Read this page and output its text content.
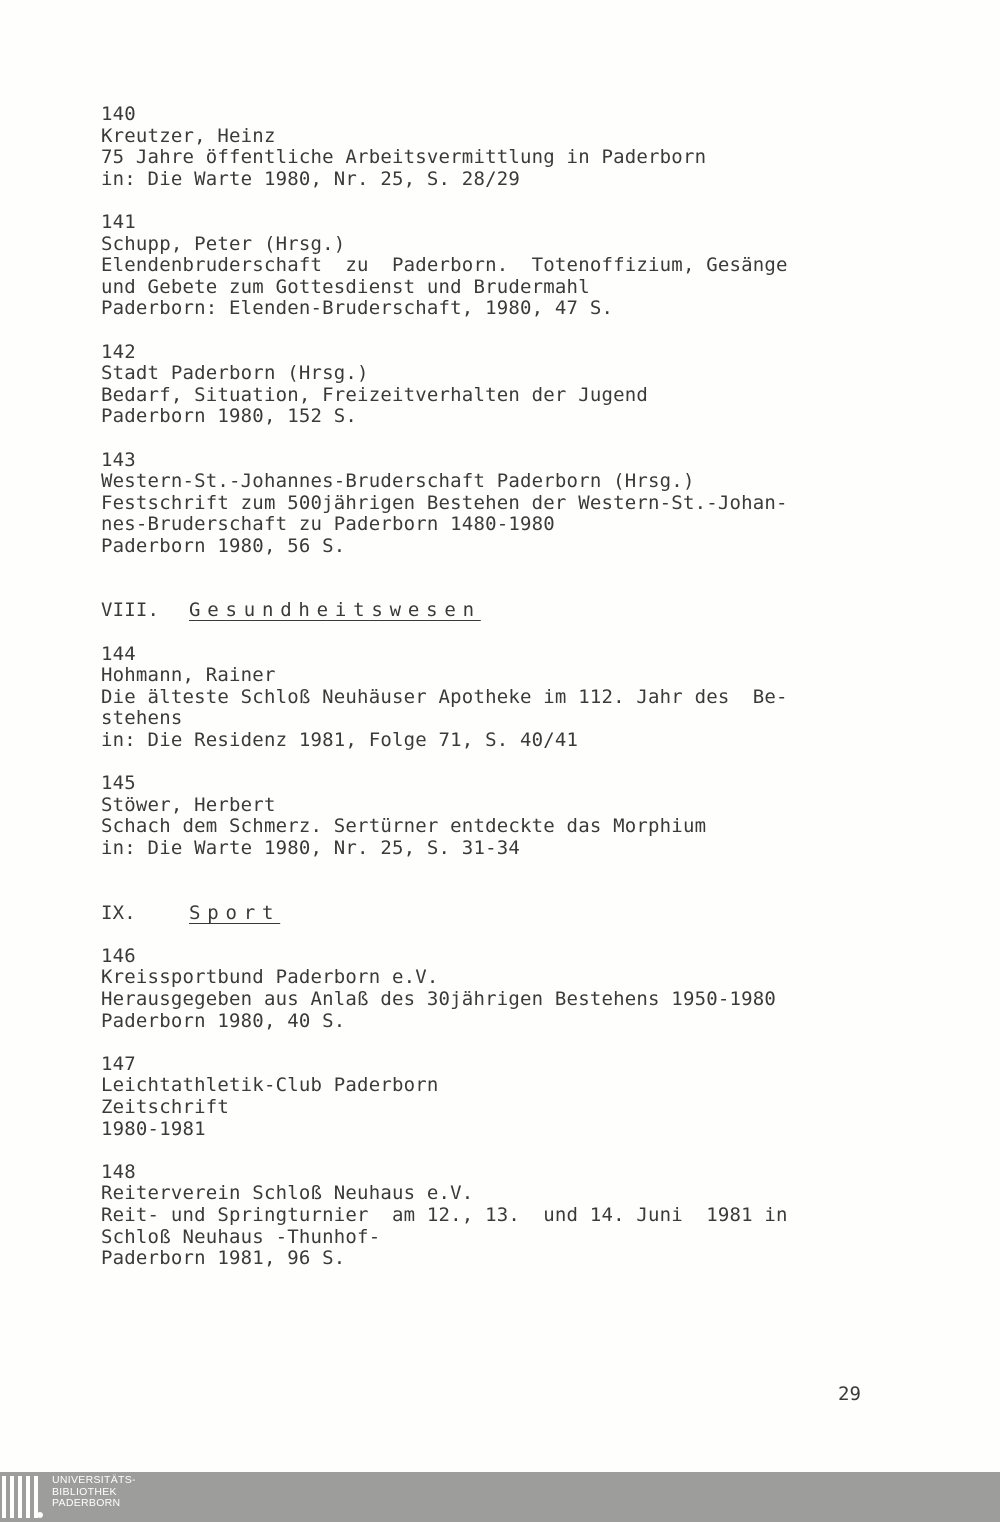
140
Kreutzer, Heinz
75 Jahre öffentliche Arbeitsvermittlung in Paderborn
in: Die Warte 1980, Nr. 25, S. 28/29
141
Schupp, Peter (Hrsg.)
Elendenbruderschaft  zu  Paderborn.  Totenoffizium, Gesänge
und Gebete zum Gottesdienst und Brudermahl
Paderborn: Elenden-Bruderschaft, 1980, 47 S.
142
Stadt Paderborn (Hrsg.)
Bedarf, Situation, Freizeitverhalten der Jugend
Paderborn 1980, 152 S.
143
Western-St.-Johannes-Bruderschaft Paderborn (Hrsg.)
Festschrift zum 500jährigen Bestehen der Western-St.-Johan-
nes-Bruderschaft zu Paderborn 1480-1980
Paderborn 1980, 56 S.
VIII. Gesundheitswesen
144
Hohmann, Rainer
Die älteste Schloß Neuhäuser Apotheke im 112. Jahr des  Be-
stehens
in: Die Residenz 1981, Folge 71, S. 40/41
145
Stöwer, Herbert
Schach dem Schmerz. Sertürner entdeckte das Morphium
in: Die Warte 1980, Nr. 25, S. 31-34
IX.	Sport
146
Kreissportbund Paderborn e.V.
Herausgegeben aus Anlaß des 30jährigen Bestehens 1950-1980
Paderborn 1980, 40 S.
147
Leichtathletik-Club Paderborn
Zeitschrift
1980-1981
148
Reiterverein Schloß Neuhaus e.V.
Reit- und Springturnier  am 12., 13.  und 14. Juni  1981 in
Schloß Neuhaus -Thunhof-
Paderborn 1981, 96 S.
29
UNIVERSITÄTS-
BIBLIOTHEK
PADERBORN
